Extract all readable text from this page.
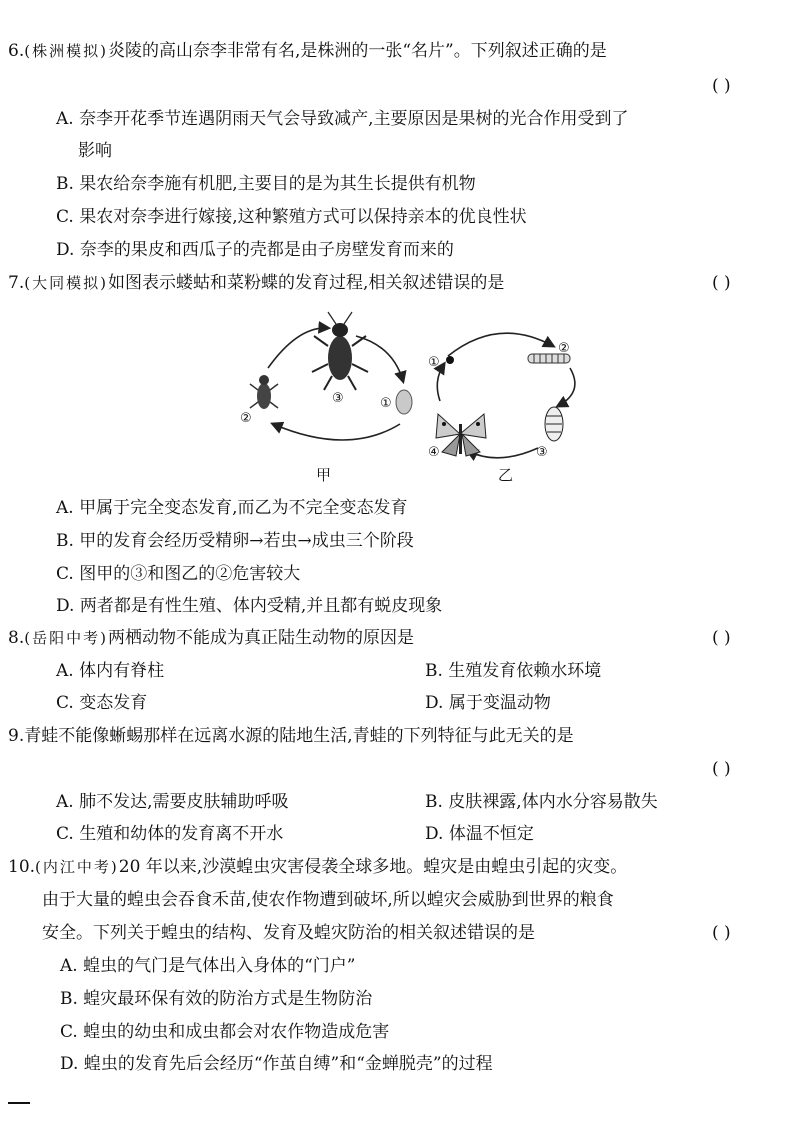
6.(株洲模拟)炎陵的高山奈李非常有名,是株洲的一张“名片”。下列叙述正确的是
( )
A. 奈李开花季节连遇阴雨天气会导致减产,主要原因是果树的光合作用受到了
影响
B. 果农给奈李施有机肥,主要目的是为其生长提供有机物
C. 果农对奈李进行嫁接,这种繁殖方式可以保持亲本的优良性状
D. 奈李的果皮和西瓜子的壳都是由子房壁发育而来的
7.(大同模拟)如图表示蝼蛄和菜粉蝶的发育过程,相关叙述错误的是	( )
③	①
②
①
②
③
④
甲	乙
A. 甲属于完全变态发育,而乙为不完全变态发育
B. 甲的发育会经历受精卵→若虫→成虫三个阶段
C. 图甲的③和图乙的②危害较大
D. 两者都是有性生殖、体内受精,并且都有蜕皮现象
8.(岳阳中考)两栖动物不能成为真正陆生动物的原因是	( )
A. 体内有脊柱	B. 生殖发育依赖水环境
C. 变态发育	D. 属于变温动物
9.青蛙不能像蜥蜴那样在远离水源的陆地生活,青蛙的下列特征与此无关的是
( )
A. 肺不发达,需要皮肤辅助呼吸	B. 皮肤裸露,体内水分容易散失
C. 生殖和幼体的发育离不开水	D. 体温不恒定
10.(内江中考)20 年以来,沙漠蝗虫灾害侵袭全球多地。蝗灾是由蝗虫引起的灾变。
由于大量的蝗虫会吞食禾苗,使农作物遭到破坏,所以蝗灾会威胁到世界的粮食
安全。下列关于蝗虫的结构、发育及蝗灾防治的相关叙述错误的是	( )
A. 蝗虫的气门是气体出入身体的“门户”
B. 蝗灾最环保有效的防治方式是生物防治
C. 蝗虫的幼虫和成虫都会对农作物造成危害
D. 蝗虫的发育先后会经历“作茧自缚”和“金蝉脱壳”的过程
